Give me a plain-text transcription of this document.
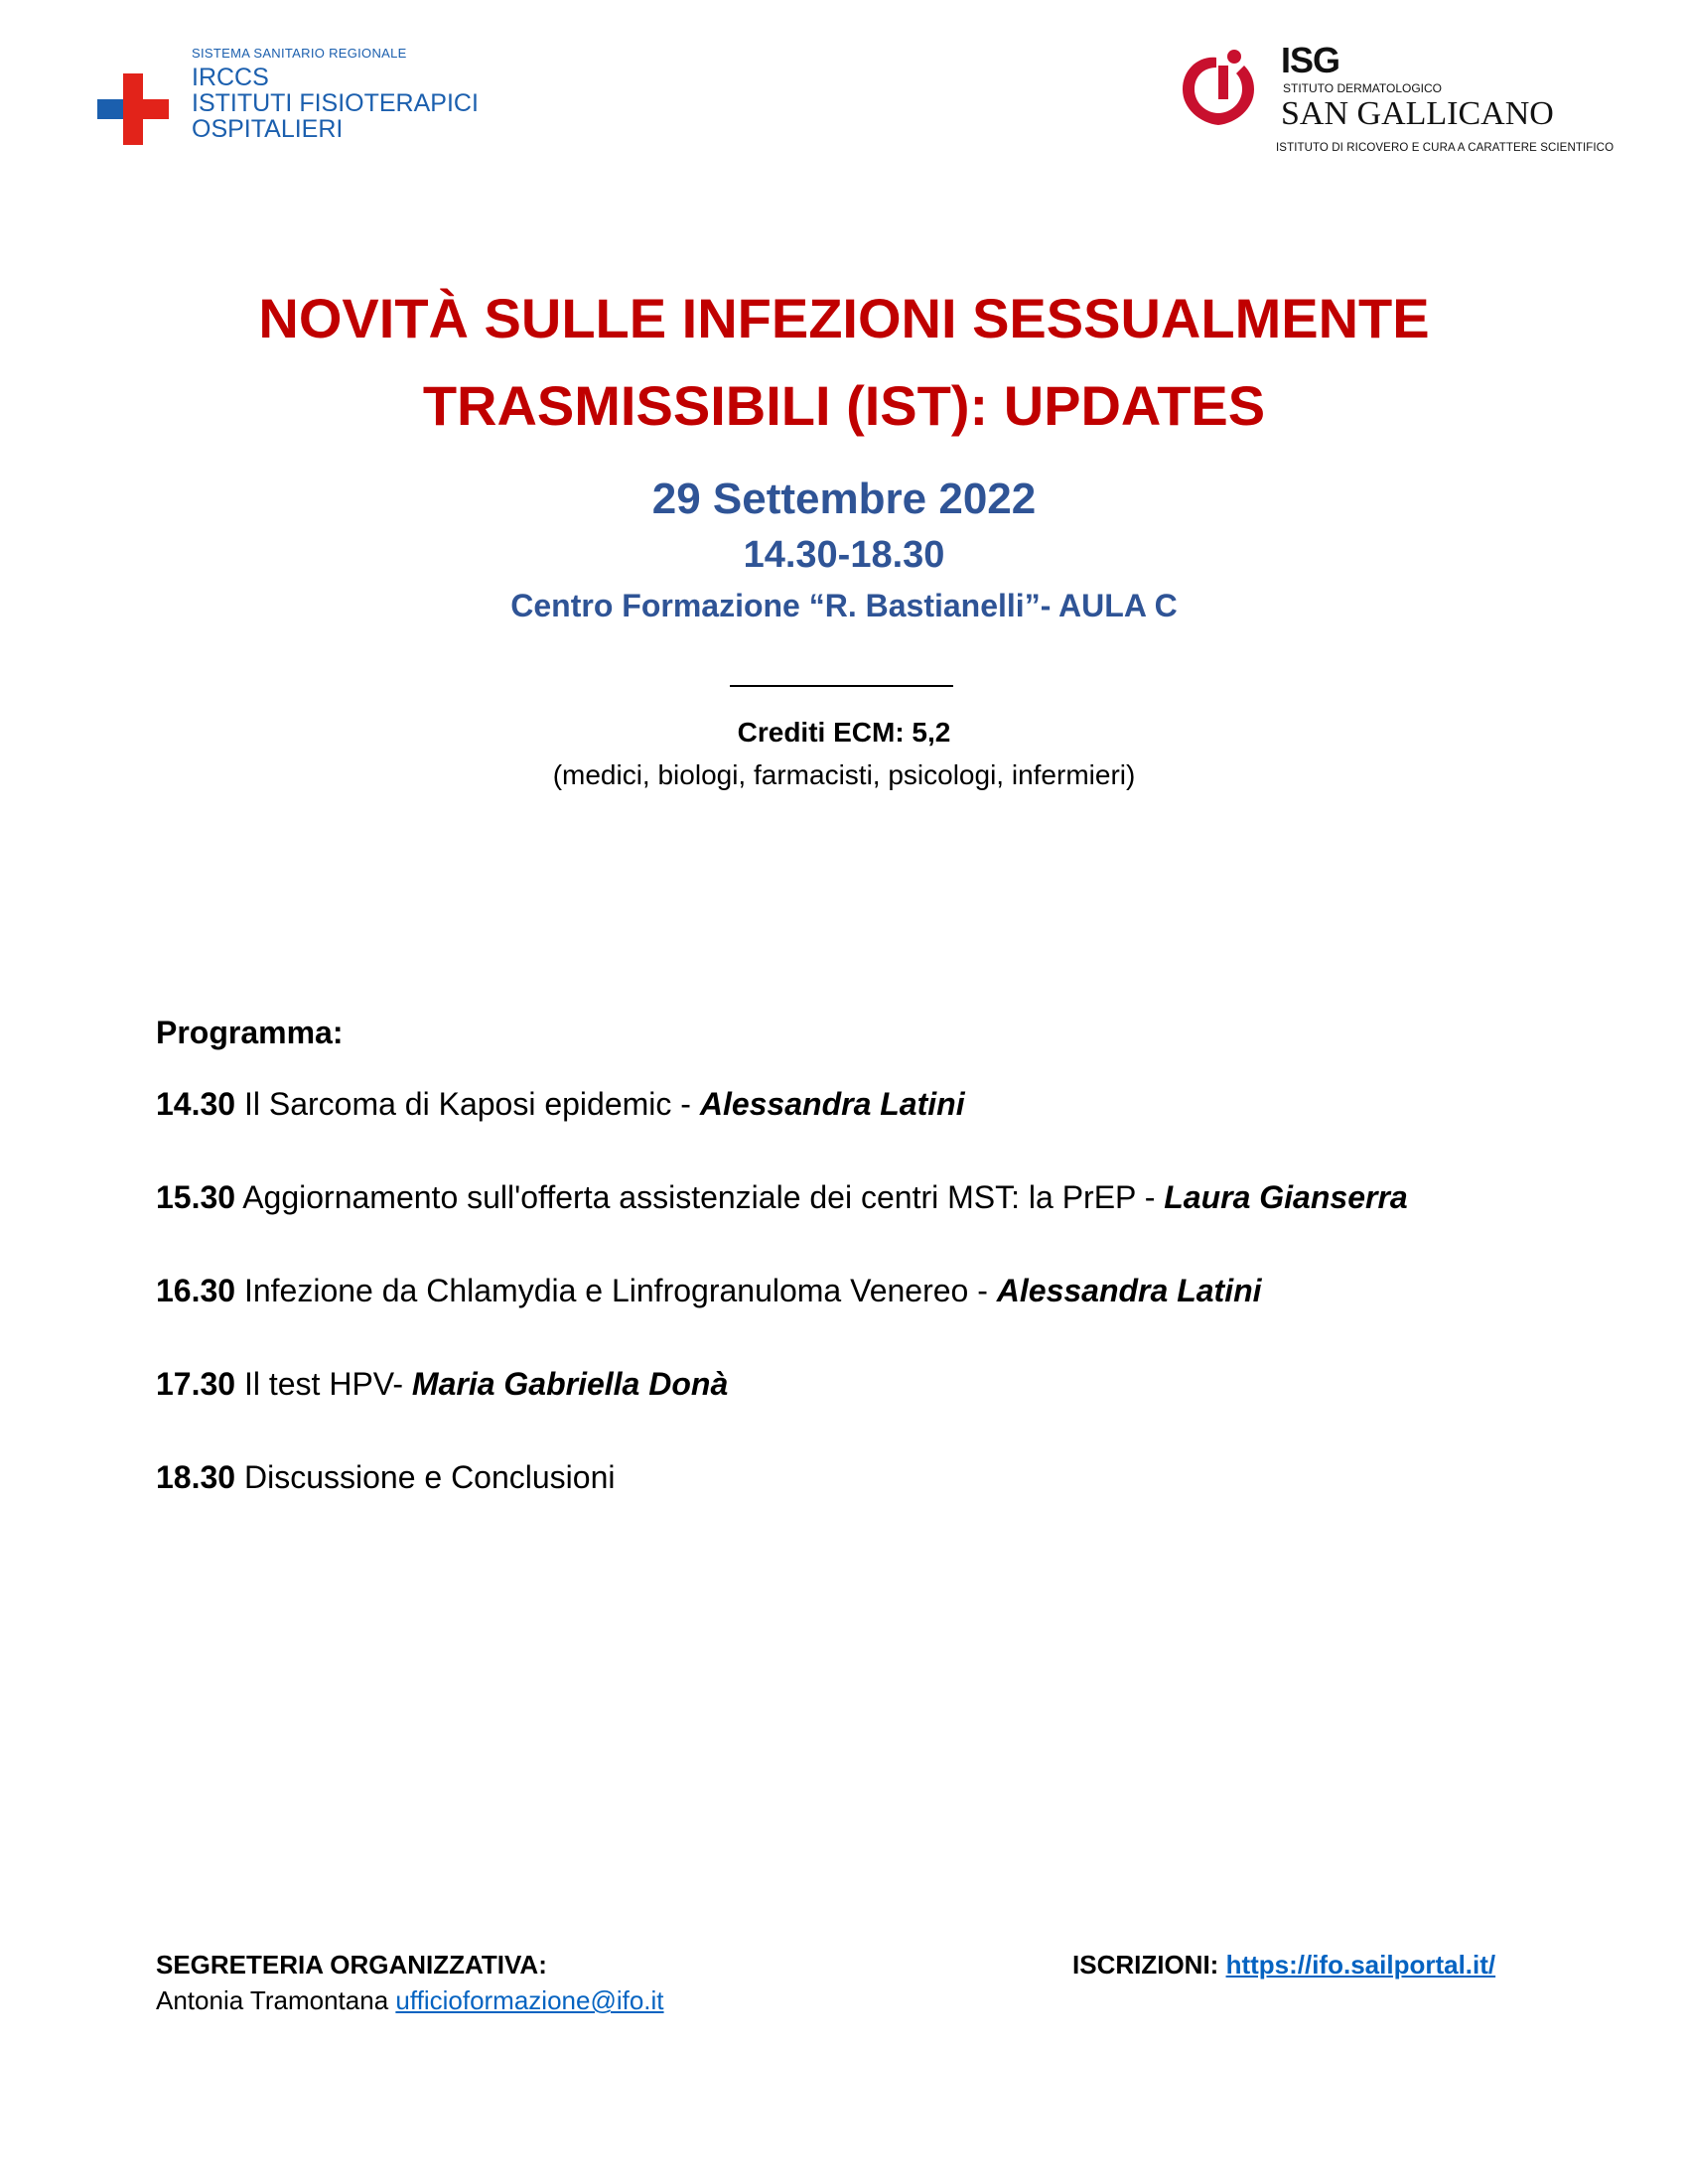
SISTEMA SANITARIO REGIONALE
IRCCS
ISTITUTI FISIOTERAPICI
OSPITALIERI
ISG
STITUTO DERMATOLOGICO
SAN GALLICANO
ISTITUTO DI RICOVERO E CURA A CARATTERE SCIENTIFICO
NOVITÀ SULLE INFEZIONI SESSUALMENTE
TRASMISSIBILI (IST): UPDATES
29 Settembre 2022
14.30-18.30
Centro Formazione “R. Bastianelli”- AULA C
Crediti ECM: 5,2
(medici, biologi, farmacisti, psicologi, infermieri)
Programma:
14.30 Il Sarcoma di Kaposi epidemic - Alessandra Latini
15.30 Aggiornamento sull'offerta assistenziale dei centri MST: la PrEP - Laura Gianserra
16.30 Infezione da Chlamydia e Linfrogranuloma Venereo - Alessandra Latini
17.30 Il test HPV- Maria Gabriella Donà
18.30 Discussione e Conclusioni
SEGRETERIA ORGANIZZATIVA:
Antonia Tramontana ufficioformazione@ifo.it
ISCRIZIONI: https://ifo.sailportal.it/
